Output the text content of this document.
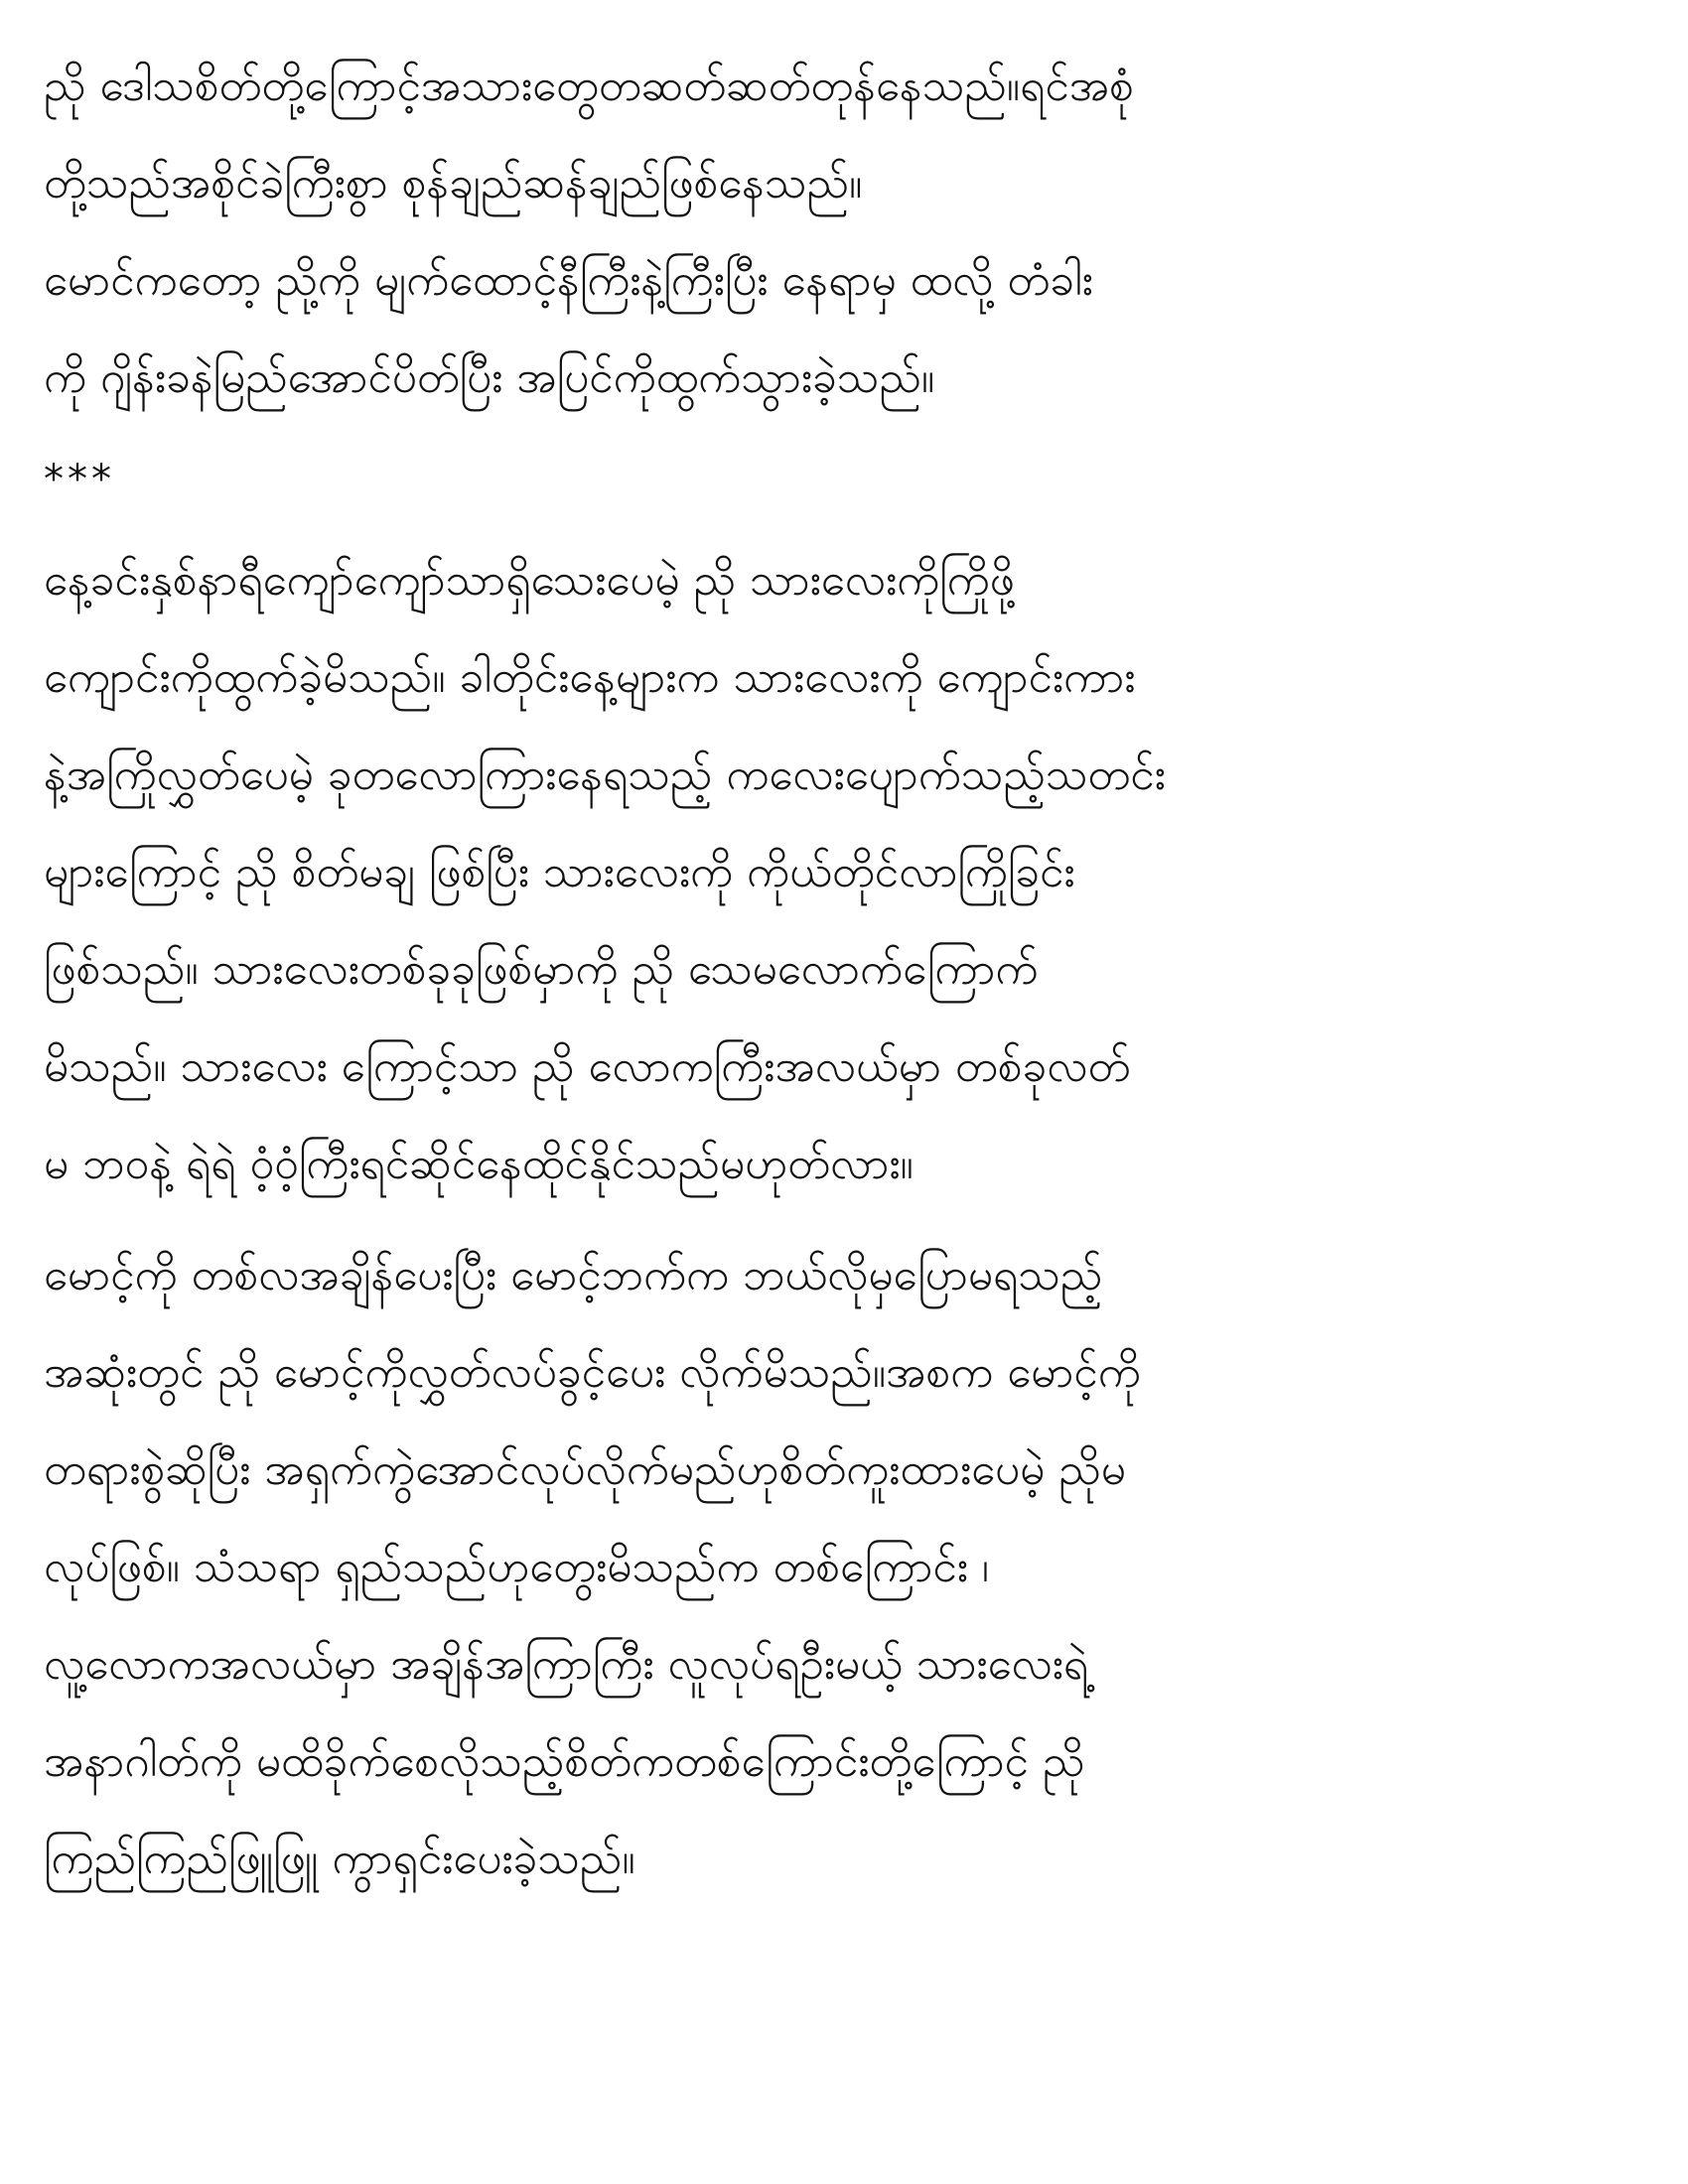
ညို ဒေါသစိတ်တို့ကြောင့်အသားတွေတဆတ်ဆတ်တုန်နေသည်။ရင်အစုံ
တို့သည်အစိုင်ခဲကြီးစွာ စုန်ချည်ဆန်ချည်ဖြစ်နေသည်။
မောင်ကတော့ ညို့ကို မျက်ထောင့်နီကြီးနဲ့ကြီးပြီး နေရာမှ ထလို့ တံခါး
ကို ဂျိန်းခနဲမြည်အောင်ပိတ်ပြီး အပြင်ကိုထွက်သွားခဲ့သည်။
***
နေ့ခင်းနှစ်နာရီကျော်ကျော်သာရှိသေးပေမဲ့ ညို သားလေးကိုကြိုဖို့
ကျောင်းကိုထွက်ခဲ့မိသည်။ ခါတိုင်းနေ့များက သားလေးကို ကျောင်းကား
နဲ့အကြိုလွှတ်ပေမဲ့ ခုတလောကြားနေရသည့် ကလေးပျောက်သည့်သတင်း
များကြောင့် ညို စိတ်မချ ဖြစ်ပြီး သားလေးကို ကိုယ်တိုင်လာကြိုခြင်း
ဖြစ်သည်။ သားလေးတစ်ခုခုဖြစ်မှာကို ညို သေမလောက်ကြောက်
မိသည်။ သားလေး ကြောင့်သာ ညို လောကကြီးအလယ်မှာ တစ်ခုလတ်
မ ဘဝနဲ့ ရဲရဲ ဝံ့ဝံ့ကြီးရင်ဆိုင်နေထိုင်နိုင်သည်မဟုတ်လား။
မောင့်ကို တစ်လအချိန်ပေးပြီး မောင့်ဘက်က ဘယ်လိုမှပြောမရသည့်
အဆုံးတွင် ညို မောင့်ကိုလွှတ်လပ်ခွင့်ပေး လိုက်မိသည်။အစက မောင့်ကို
တရားစွဲဆိုပြီး အရှက်ကွဲအောင်လုပ်လိုက်မည်ဟုစိတ်ကူးထားပေမဲ့ ညိုမ
လုပ်ဖြစ်။ သံသရာ ရှည်သည်ဟုတွေးမိသည်က တစ်ကြောင်း ၊
လူ့လောကအလယ်မှာ အချိန်အကြာကြီး လူလုပ်ရဦးမယ့် သားလေးရဲ့
အနာဂါတ်ကို မထိခိုက်စေလိုသည့်စိတ်ကတစ်ကြောင်းတို့ကြောင့် ညို
ကြည်ကြည်ဖြူဖြူ ကွာရှင်းပေးခဲ့သည်။
